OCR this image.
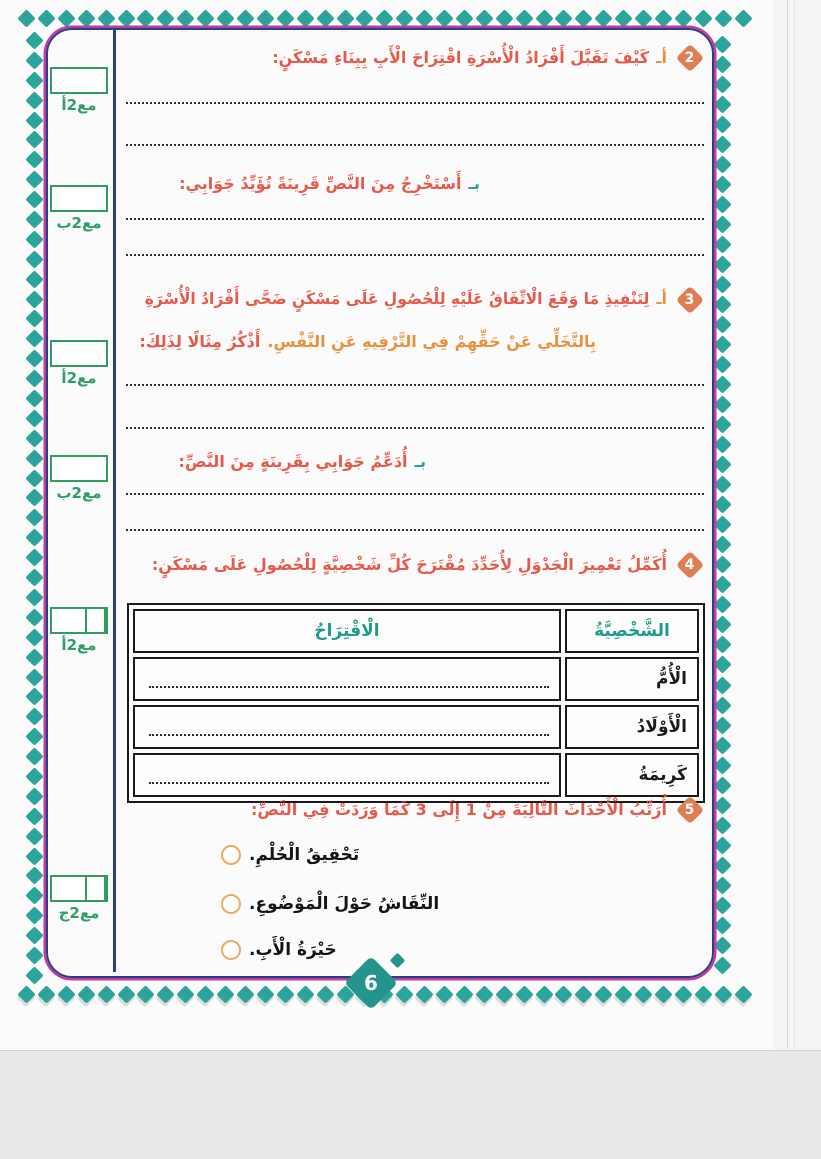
مع2أ
مع2ب
مع2أ
مع2ب
مع2أ
مع2ج
2
أـ
كَيْفَ تَقَبَّلَ أَفْرَادُ الْأُسْرَةِ اقْتِرَاحَ الْأَبِ بِبِنَاءِ مَسْكَنٍ:
بـ
أَسْتَخْرِجُ مِنَ النَّصِّ قَرِينَةً تُؤَيِّدُ جَوَابِي:
3
أـ
لِتَنْفِيذِ مَا وَقَعَ الْاتِّفَاقُ عَلَيْهِ لِلْحُصُولِ عَلَى مَسْكَنٍ ضَحَّى أَفْرَادُ الْأُسْرَةِ
بِالتَّخَلِّي عَنْ حَقِّهِمْ فِي التَّرْفِيهِ عَنِ النَّفْسِ.
أَذْكُرُ مِثَالًا لِذَلِكَ:
بـ
أُدَعِّمُ جَوَابِي بِقَرِينَةٍ مِنَ النَّصِّ:
4
أُكَمِّلُ تَعْمِيرَ الْجَدْوَلِ لِأُحَدِّدَ مُقْتَرَحَ كُلِّ شَخْصِيَّةٍ لِلْحُصُولِ عَلَى مَسْكَنٍ:
الشَّخْصِيَّةُ	الْاقْتِرَاحُ
الْأُمُّ	

الْأَوْلَادُ	

كَرِيمَةُ	
5
أُرَتِّبُ الْأَحْدَاثَ التَّالِيَةَ مِنْ 1 إِلَى 3 كَمَا وَرَدَتْ فِي النَّصِّ:
تَحْقِيقُ الْحُلْمِ.
النِّقَاشُ حَوْلَ الْمَوْضُوعِ.
حَيْرَةُ الْأَبِ.
6
